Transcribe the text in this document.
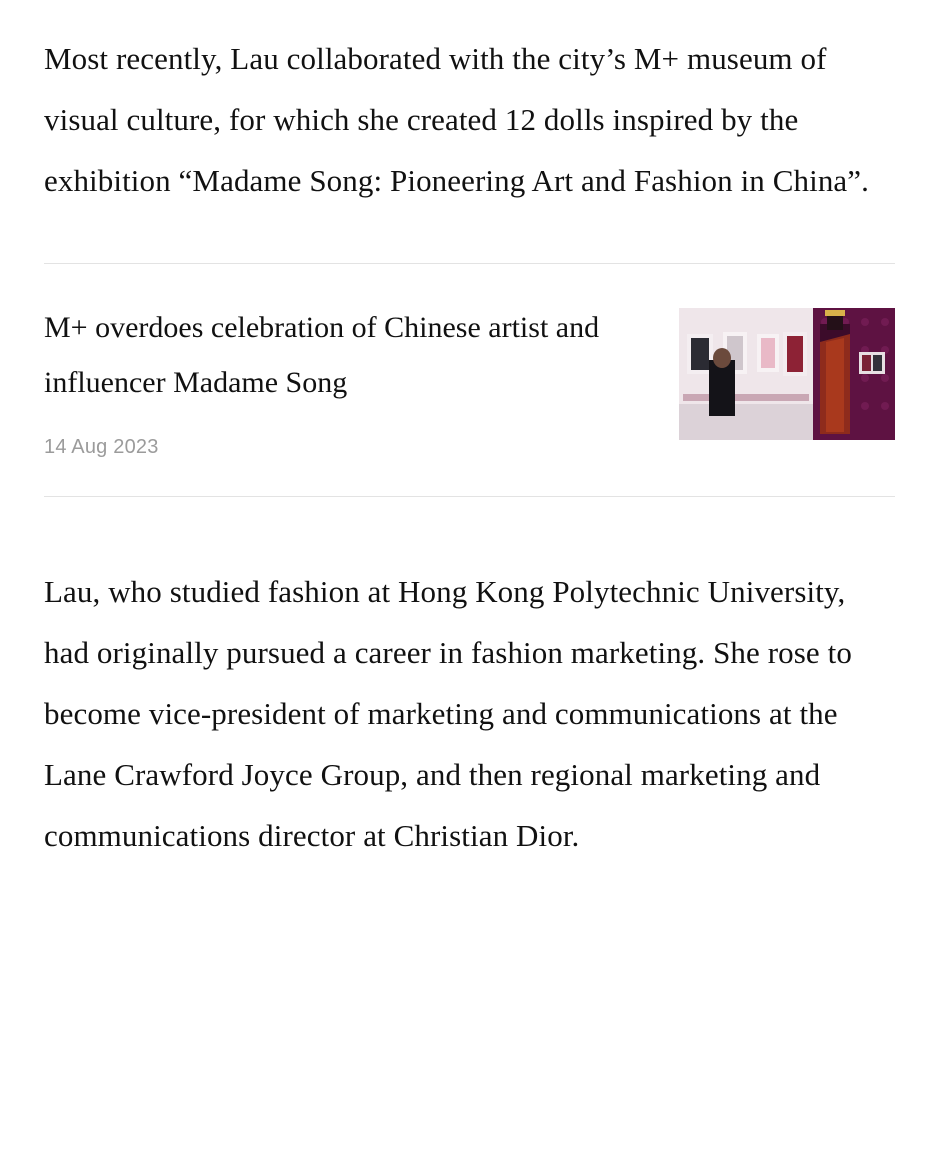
Most recently, Lau collaborated with the city’s M+ museum of visual culture, for which she created 12 dolls inspired by the exhibition “Madame Song: Pioneering Art and Fashion in China”.

M+ overdoes celebration of Chinese artist and influencer Madame Song
14 Aug 2023

Lau, who studied fashion at Hong Kong Polytechnic University, had originally pursued a career in fashion marketing. She rose to become vice-president of marketing and communications at the Lane Crawford Joyce Group, and then regional marketing and communications director at Christian Dior.
